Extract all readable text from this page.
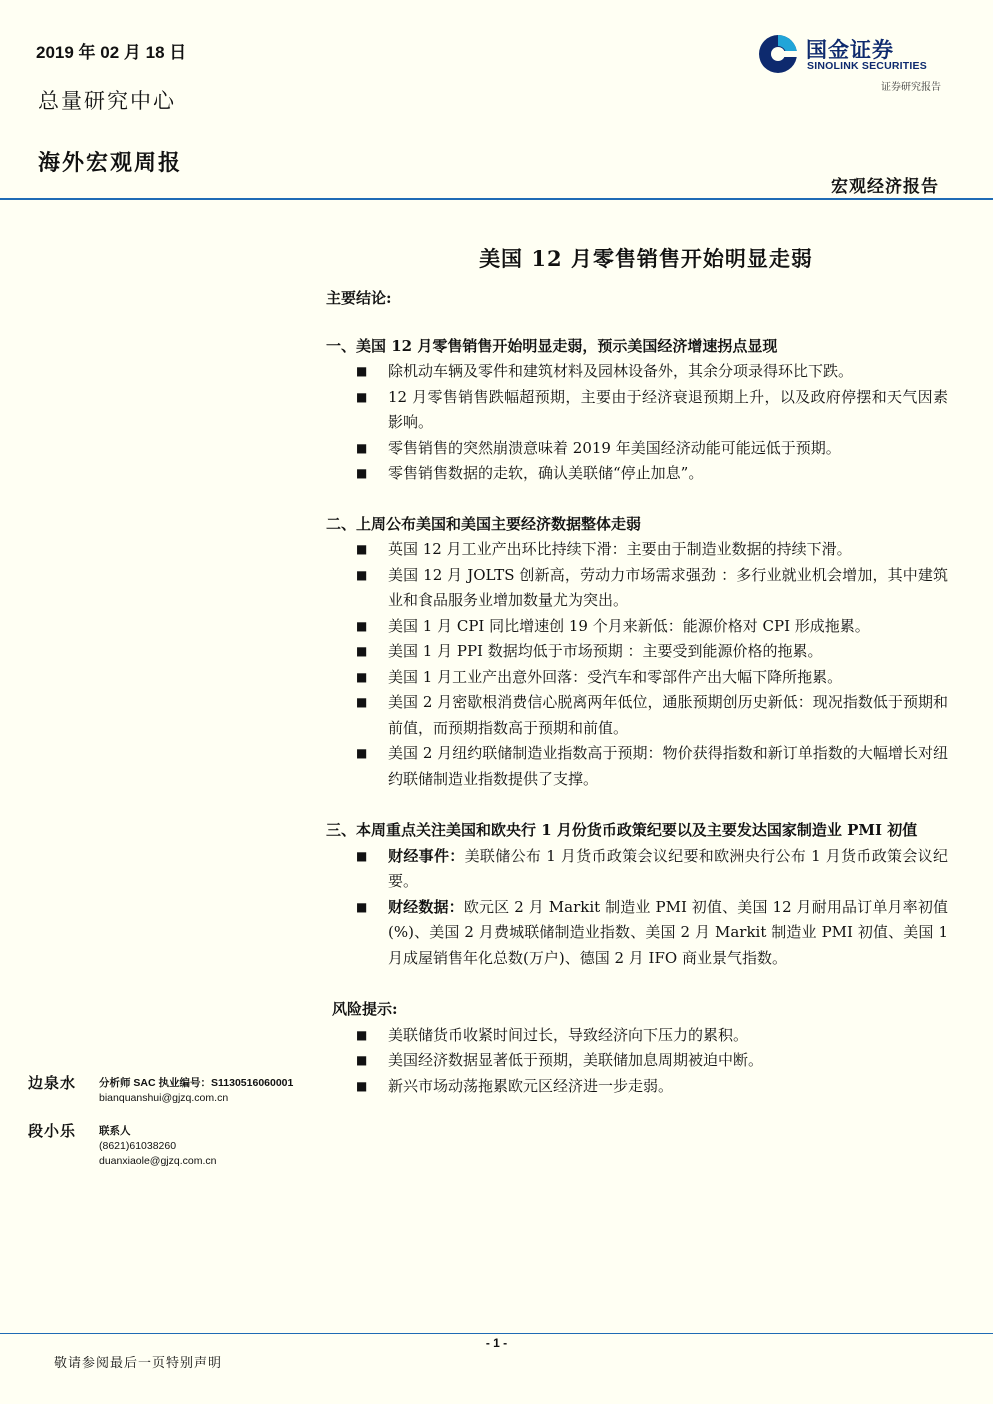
2019 年 02 月 18 日
总量研究中心
海外宏观周报
国金证券
SINOLINK SECURITIES
证券研究报告
宏观经济报告
美国 12 月零售销售开始明显走弱

主要结论:

一、美国 12 月零售销售开始明显走弱，预示美国经济增速拐点显现

■ 除机动车辆及零件和建筑材料及园林设备外，其余分项录得环比下跌。
■ 12 月零售销售跌幅超预期，主要由于经济衰退预期上升，以及政府停摆和天气因素影响。
■ 零售销售的突然崩溃意味着 2019 年美国经济动能可能远低于预期。
■ 零售销售数据的走软，确认美联储“停止加息”。

二、上周公布美国和美国主要经济数据整体走弱

■ 英国 12 月工业产出环比持续下滑：主要由于制造业数据的持续下滑。
■ 美国 12 月 JOLTS 创新高，劳动力市场需求强劲 ：多行业就业机会增加，其中建筑业和食品服务业增加数量尤为突出。
■ 美国 1 月 CPI 同比增速创 19 个月来新低：能源价格对 CPI 形成拖累。
■ 美国 1 月 PPI 数据均低于市场预期 ：主要受到能源价格的拖累。
■ 美国 1 月工业产出意外回落：受汽车和零部件产出大幅下降所拖累。
■ 美国 2 月密歇根消费信心脱离两年低位，通胀预期创历史新低：现况指数低于预期和前值，而预期指数高于预期和前值。
■ 美国 2 月纽约联储制造业指数高于预期：物价获得指数和新订单指数的大幅增长对纽约联储制造业指数提供了支撑。

三、本周重点关注美国和欧央行 1 月份货币政策纪要以及主要发达国家制造业 PMI 初值

■ 财经事件：美联储公布 1 月货币政策会议纪要和欧洲央行公布 1 月货币政策会议纪要。
■ 财经数据：欧元区 2 月 Markit 制造业 PMI 初值、美国 12 月耐用品订单月率初值(%)、美国 2 月费城联储制造业指数、美国 2 月 Markit 制造业 PMI 初值、美国 1 月成屋销售年化总数(万户)、德国 2 月 IFO 商业景气指数。

风险提示:

■ 美联储货币收紧时间过长，导致经济向下压力的累积。
■ 美国经济数据显著低于预期，美联储加息周期被迫中断。
■ 新兴市场动荡拖累欧元区经济进一步走弱。
边泉水 分析师 SAC 执业编号：S1130516060001
bianquanshui@gjzq.com.cn
段小乐 联系人
(8621)61038260
duanxiaole@gjzq.com.cn
- 1 -
敬请参阅最后一页特别声明
